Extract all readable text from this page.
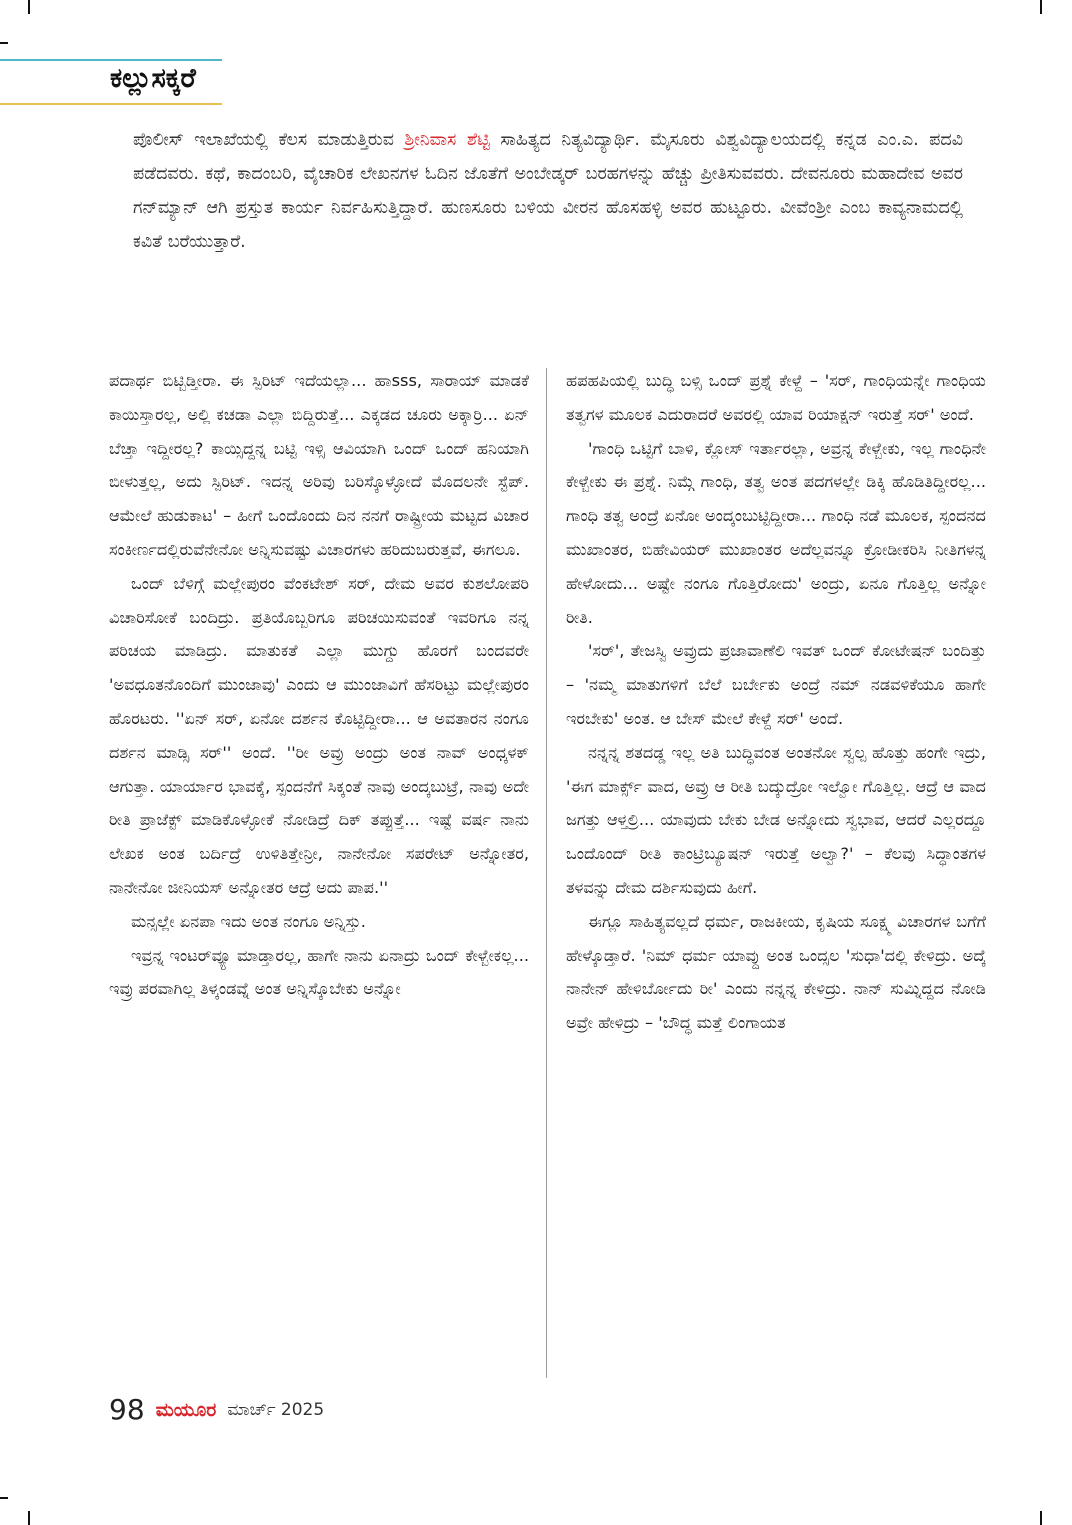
ಕಲ್ಲುಸಕ್ಕರೆ

ಪೊಲೀಸ್ ಇಲಾಖೆಯಲ್ಲಿ ಕೆಲಸ ಮಾಡುತ್ತಿರುವ ಶ್ರೀನಿವಾಸ ಶೆಟ್ಟಿ ಸಾಹಿತ್ಯದ ನಿತ್ಯವಿದ್ಯಾರ್ಥಿ. ಮೈಸೂರು ವಿಶ್ವವಿದ್ಯಾಲಯದಲ್ಲಿ ಕನ್ನಡ ಎಂ.ಎ. ಪದವಿ ಪಡೆದವರು. ಕಥೆ, ಕಾದಂಬರಿ, ವೈಚಾರಿಕ ಲೇಖನಗಳ ಓದಿನ ಜೊತೆಗೆ ಅಂಬೇಡ್ಕರ್ ಬರಹಗಳನ್ನು ಹೆಚ್ಚು ಪ್ರೀತಿಸುವವರು. ದೇವನೂರು ಮಹಾದೇವ ಅವರ ಗನ್‌ಮ್ಯಾನ್ ಆಗಿ ಪ್ರಸ್ತುತ ಕಾರ್ಯ ನಿರ್ವಹಿಸುತ್ತಿದ್ದಾರೆ. ಹುಣಸೂರು ಬಳಿಯ ವೀರನ ಹೊಸಹಳ್ಳಿ ಅವರ ಹುಟ್ಟೂರು. ವೀವೆಂಶ್ರೀ ಎಂಬ ಕಾವ್ಯನಾಮದಲ್ಲಿ ಕವಿತೆ ಬರೆಯುತ್ತಾರೆ.

ಪದಾರ್ಥ ಬಿಟ್ಬಿಡ್ತೀರಾ. ಈ ಸ್ಪಿರಿಟ್ ಇದೆಯಲ್ಲಾ... ಹಾsss, ಸಾರಾಯ್ ಮಾಡಕೆ ಕಾಯಿಸ್ತಾರಲ್ಲ, ಅಲ್ಲಿ ಕಚಡಾ ಎಲ್ಲಾ ಬಿದ್ದಿರುತ್ತೆ... ಎಕ್ಕಡದ ಚೂರು ಅಕ್ಕಾರ್ರಿ... ಏನ್ ಬೆಚ್ತಾ ಇದ್ದೀರಲ್ಲ? ಕಾಯ್ಸಿದ್ದನ್ನ ಬಟ್ಟಿ ಇಳ್ಸಿ ಆವಿಯಾಗಿ ಒಂದ್ ಒಂದ್ ಹನಿಯಾಗಿ ಬೀಳುತ್ತಲ್ಲ, ಅದು ಸ್ಪಿರಿಟ್. ಇದನ್ನ ಅರಿವು ಬರಿಸ್ಕೊಳ್ಳೋದೆ ಮೊದಲನೇ ಸ್ಟೆಪ್. ಆಮೇಲೆ ಹುಡುಕಾಟ' – ಹೀಗೆ ಒಂದೊಂದು ದಿನ ನನಗೆ ರಾಷ್ಟ್ರೀಯ ಮಟ್ಟದ ವಿಚಾರ ಸಂಕೀರ್ಣದಲ್ಲಿರುವೆನೇನೋ ಅನ್ನಿಸುವಷ್ಟು ವಿಚಾರಗಳು ಹರಿದುಬರುತ್ತವೆ, ಈಗಲೂ.

ಒಂದ್ ಬೆಳಿಗ್ಗೆ ಮಲ್ಲೇಪುರಂ ವೆಂಕಟೇಶ್ ಸರ್, ದೇಮ ಅವರ ಕುಶಲೋಪರಿ ವಿಚಾರಿಸೋಕೆ ಬಂದಿದ್ರು. ಪ್ರತಿಯೊಬ್ಬರಿಗೂ ಪರಿಚಯಿಸುವಂತೆ ಇವರಿಗೂ ನನ್ನ ಪರಿಚಯ ಮಾಡಿದ್ರು. ಮಾತುಕತೆ ಎಲ್ಲಾ ಮುಗ್ದು ಹೊರಗೆ ಬಂದವರೇ 'ಅವಧೂತನೊಂದಿಗೆ ಮುಂಜಾವು' ಎಂದು ಆ ಮುಂಜಾವಿಗೆ ಹೆಸರಿಟ್ಟು ಮಲ್ಲೇಪುರಂ ಹೊರಟರು. ''ಏನ್ ಸರ್, ಏನೋ ದರ್ಶನ ಕೊಟ್ಟಿದ್ದೀರಾ... ಆ ಅವತಾರನ ನಂಗೂ ದರ್ಶನ ಮಾಡ್ಸಿ ಸರ್'' ಅಂದೆ. ''ರೀ ಅವ್ರು ಅಂದ್ರು ಅಂತ ನಾವ್ ಅಂಧ್ಕಳಕ್ ಆಗುತ್ತಾ. ಯಾರ್ಯಾರ ಭಾವಕ್ಕೆ, ಸ್ಪಂದನೆಗೆ ಸಿಕ್ಕಂತೆ ನಾವು ಅಂದ್ಕಬುಟ್ರೆ, ನಾವು ಅದೇ ರೀತಿ ಪ್ರಾಜೆಕ್ಟ್ ಮಾಡಿಕೊಳ್ಳೋಕೆ ನೋಡಿದ್ರೆ ದಿಕ್ ತಪ್ಪುತ್ತೆ... ಇಷ್ಟೆ ವರ್ಷ ನಾನು ಲೇಖಕ ಅಂತ ಬರ್ದಿದ್ರೆ ಉಳಿತಿತ್ತೇನ್ರೀ, ನಾನೇನೋ ಸಪರೇಟ್ ಅನ್ನೋತರ, ನಾನೇನೋ ಜೀನಿಯಸ್ ಅನ್ನೋತರ ಆದ್ರೆ ಅದು ಪಾಪ.''

ಮನ್ಸಲ್ಲೇ ಏನಪಾ ಇದು ಅಂತ ನಂಗೂ ಅನ್ನಿಸ್ತು.

ಇವ್ರನ್ನ ಇಂಟರ್‌ವ್ಯೂ ಮಾಡ್ತಾರಲ್ಲ, ಹಾಗೇ ನಾನು ಏನಾದ್ರು ಒಂದ್ ಕೇಳ್ಬೇಕಲ್ಲ... ಇವ್ರು ಪರವಾಗಿಲ್ಲ ತಿಳ್ಕಂಡವ್ನೆ ಅಂತ ಅನ್ನಿಸ್ಕೊಬೇಕು ಅನ್ನೋ

ಹಪಹಪಿಯಲ್ಲಿ ಬುದ್ಧಿ ಬಳ್ಸಿ ಒಂದ್ ಪ್ರಶ್ನೆ ಕೇಳ್ದೆ – 'ಸರ್, ಗಾಂಧಿಯನ್ನೇ ಗಾಂಧಿಯ ತತ್ವಗಳ ಮೂಲಕ ಎದುರಾದರೆ ಅವರಲ್ಲಿ ಯಾವ ರಿಯಾಕ್ಷನ್ ಇರುತ್ತೆ ಸರ್' ಅಂದೆ.

'ಗಾಂಧಿ ಒಟ್ಟಿಗೆ ಬಾಳಿ, ಕ್ಲೋಸ್ ಇರ್ತಾರಲ್ಲಾ, ಅವ್ರನ್ನ ಕೇಳ್ಬೇಕು, ಇಲ್ಲ ಗಾಂಧಿನೇ ಕೇಳ್ಬೇಕು ಈ ಪ್ರಶ್ನೆ. ನಿಮ್ಗೆ ಗಾಂಧಿ, ತತ್ವ ಅಂತ ಪದಗಳಲ್ಲೇ ಡಿಕ್ಕಿ ಹೊಡಿತಿದ್ದೀರಲ್ಲ... ಗಾಂಧಿ ತತ್ವ ಅಂದ್ರೆ ಏನೋ ಅಂದ್ಕಂಬುಟ್ಟಿದ್ದೀರಾ... ಗಾಂಧಿ ನಡೆ ಮೂಲಕ, ಸ್ಪಂದನದ ಮುಖಾಂತರ, ಬಿಹೇವಿಯರ್ ಮುಖಾಂತರ ಅದೆಲ್ಲವನ್ನೂ ಕ್ರೋಡೀಕರಿಸಿ ನೀತಿಗಳನ್ನ ಹೇಳೋದು... ಅಷ್ಟೇ ನಂಗೂ ಗೊತ್ತಿರೋದು' ಅಂದ್ರು, ಏನೂ ಗೊತ್ತಿಲ್ಲ ಅನ್ನೋ ರೀತಿ.

'ಸರ್', ತೇಜಸ್ವಿ ಅವ್ರುದು ಪ್ರಜಾವಾಣೆಲಿ ಇವತ್ ಒಂದ್ ಕೋಟೇಷನ್ ಬಂದಿತ್ತು – 'ನಮ್ಮ ಮಾತುಗಳಿಗೆ ಬೆಲೆ ಬರ್ಬೇಕು ಅಂದ್ರೆ ನಮ್ ನಡವಳಿಕೆಯೂ ಹಾಗೇ ಇರಬೇಕು' ಅಂತ. ಆ ಬೇಸ್ ಮೇಲೆ ಕೇಳ್ದೆ ಸರ್' ಅಂದೆ.

ನನ್ನನ್ನ ಶತದಡ್ಡ ಇಲ್ಲ ಅತಿ ಬುದ್ಧಿವಂತ ಅಂತನೋ ಸ್ವಲ್ಪ ಹೊತ್ತು ಹಂಗೇ ಇದ್ರು, 'ಈಗ ಮಾರ್ಕ್ಸ್ ವಾದ, ಅವ್ರು ಆ ರೀತಿ ಬದ್ಕುದ್ರೋ ಇಲ್ವೋ ಗೊತ್ತಿಲ್ಲ. ಆದ್ರೆ ಆ ವಾದ ಜಗತ್ತು ಆಳ್ತಲ್ರಿ... ಯಾವುದು ಬೇಕು ಬೇಡ ಅನ್ನೋದು ಸ್ವಭಾವ, ಆದರೆ ಎಲ್ಲರದ್ದೂ ಒಂದೊಂದ್ ರೀತಿ ಕಾಂಟ್ರಿಬ್ಯೂಷನ್ ಇರುತ್ತೆ ಅಲ್ವಾ?' – ಕೆಲವು ಸಿದ್ಧಾಂತಗಳ ತಳವನ್ನು ದೇಮ ದರ್ಶಿಸುವುದು ಹೀಗೆ.

ಈಗ್ಲೂ ಸಾಹಿತ್ಯವಲ್ಲದೆ ಧರ್ಮ, ರಾಜಕೀಯ, ಕೃಷಿಯ ಸೂಕ್ಷ್ಮ ವಿಚಾರಗಳ ಬಗೆಗೆ ಹೇಳ್ಕೊಡ್ತಾರೆ. 'ನಿಮ್ ಧರ್ಮ ಯಾವ್ದು ಅಂತ ಒಂದ್ಸಲ 'ಸುಧಾ'ದಲ್ಲಿ ಕೇಳಿದ್ರು. ಅದ್ಕೆ ನಾನೇನ್ ಹೇಳಿರ್ಬೋದು ರೀ' ಎಂದು ನನ್ನನ್ನ ಕೇಳಿದ್ರು. ನಾನ್ ಸುಮ್ನಿದ್ದದ ನೋಡಿ ಅವ್ರೇ ಹೇಳಿದ್ರು – 'ಬೌದ್ಧ ಮತ್ತೆ ಲಿಂಗಾಯತ

98 ಮಯೂರ ಮಾರ್ಚ್ 2025
